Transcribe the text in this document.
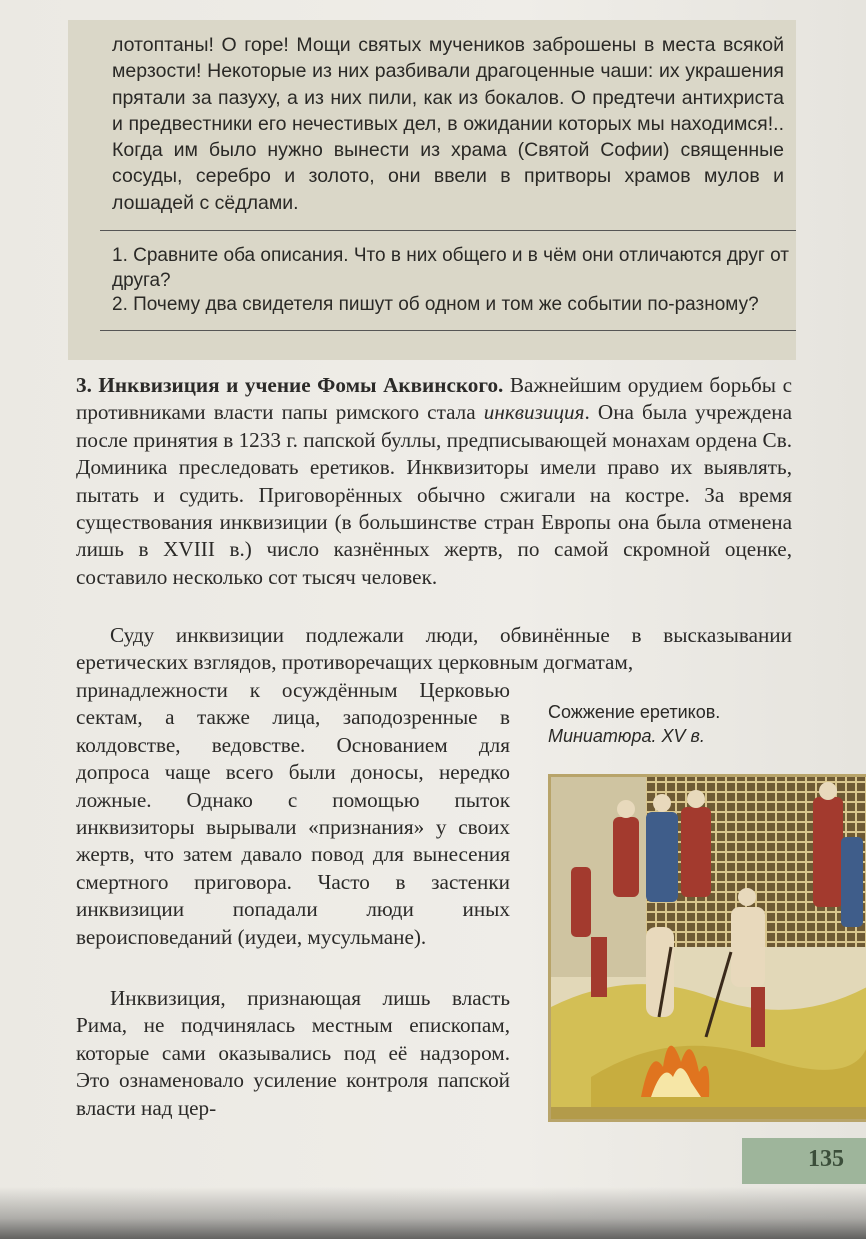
лотоптаны! О горе! Мощи святых мучеников заброшены в места всякой мерзости! Некоторые из них разбивали драгоценные чаши: их украшения прятали за пазуху, а из них пили, как из бокалов. О предтечи антихриста и предвестники его нечестивых дел, в ожидании которых мы находимся!.. Когда им было нужно вынести из храма (Святой Софии) священные сосуды, серебро и золото, они ввели в притворы храмов мулов и лошадей с сёдлами.

1. Сравните оба описания. Что в них общего и в чём они отличаются друг от друга?
2. Почему два свидетеля пишут об одном и том же событии по-разному?

3. Инквизиция и учение Фомы Аквинского. Важнейшим орудием борьбы с противниками власти папы римского стала инквизиция. Она была учреждена после принятия в 1233 г. папской буллы, предписывающей монахам ордена Св. Доминика преследовать еретиков. Инквизиторы имели право их выявлять, пытать и судить. Приговорённых обычно сжигали на костре. За время существования инквизиции (в большинстве стран Европы она была отменена лишь в XVIII в.) число казнённых жертв, по самой скромной оценке, составило несколько сот тысяч человек.

Суду инквизиции подлежали люди, обвинённые в высказывании еретических взглядов, противоречащих церковным догматам,

принадлежности к осуждённым Церковью сектам, а также лица, заподозренные в колдовстве, ведовстве. Основанием для допроса чаще всего были доносы, нередко ложные. Однако с помощью пыток инквизиторы вырывали «признания» у своих жертв, что затем давало повод для вынесения смертного приговора. Часто в застенки инквизиции попадали люди иных вероисповеданий (иудеи, мусульмане).

Инквизиция, признающая лишь власть Рима, не подчинялась местным епископам, которые сами оказывались под её надзором. Это ознаменовало усиление контроля папской власти над цер-

Сожжение еретиков.
Миниатюра. XV в.
135
